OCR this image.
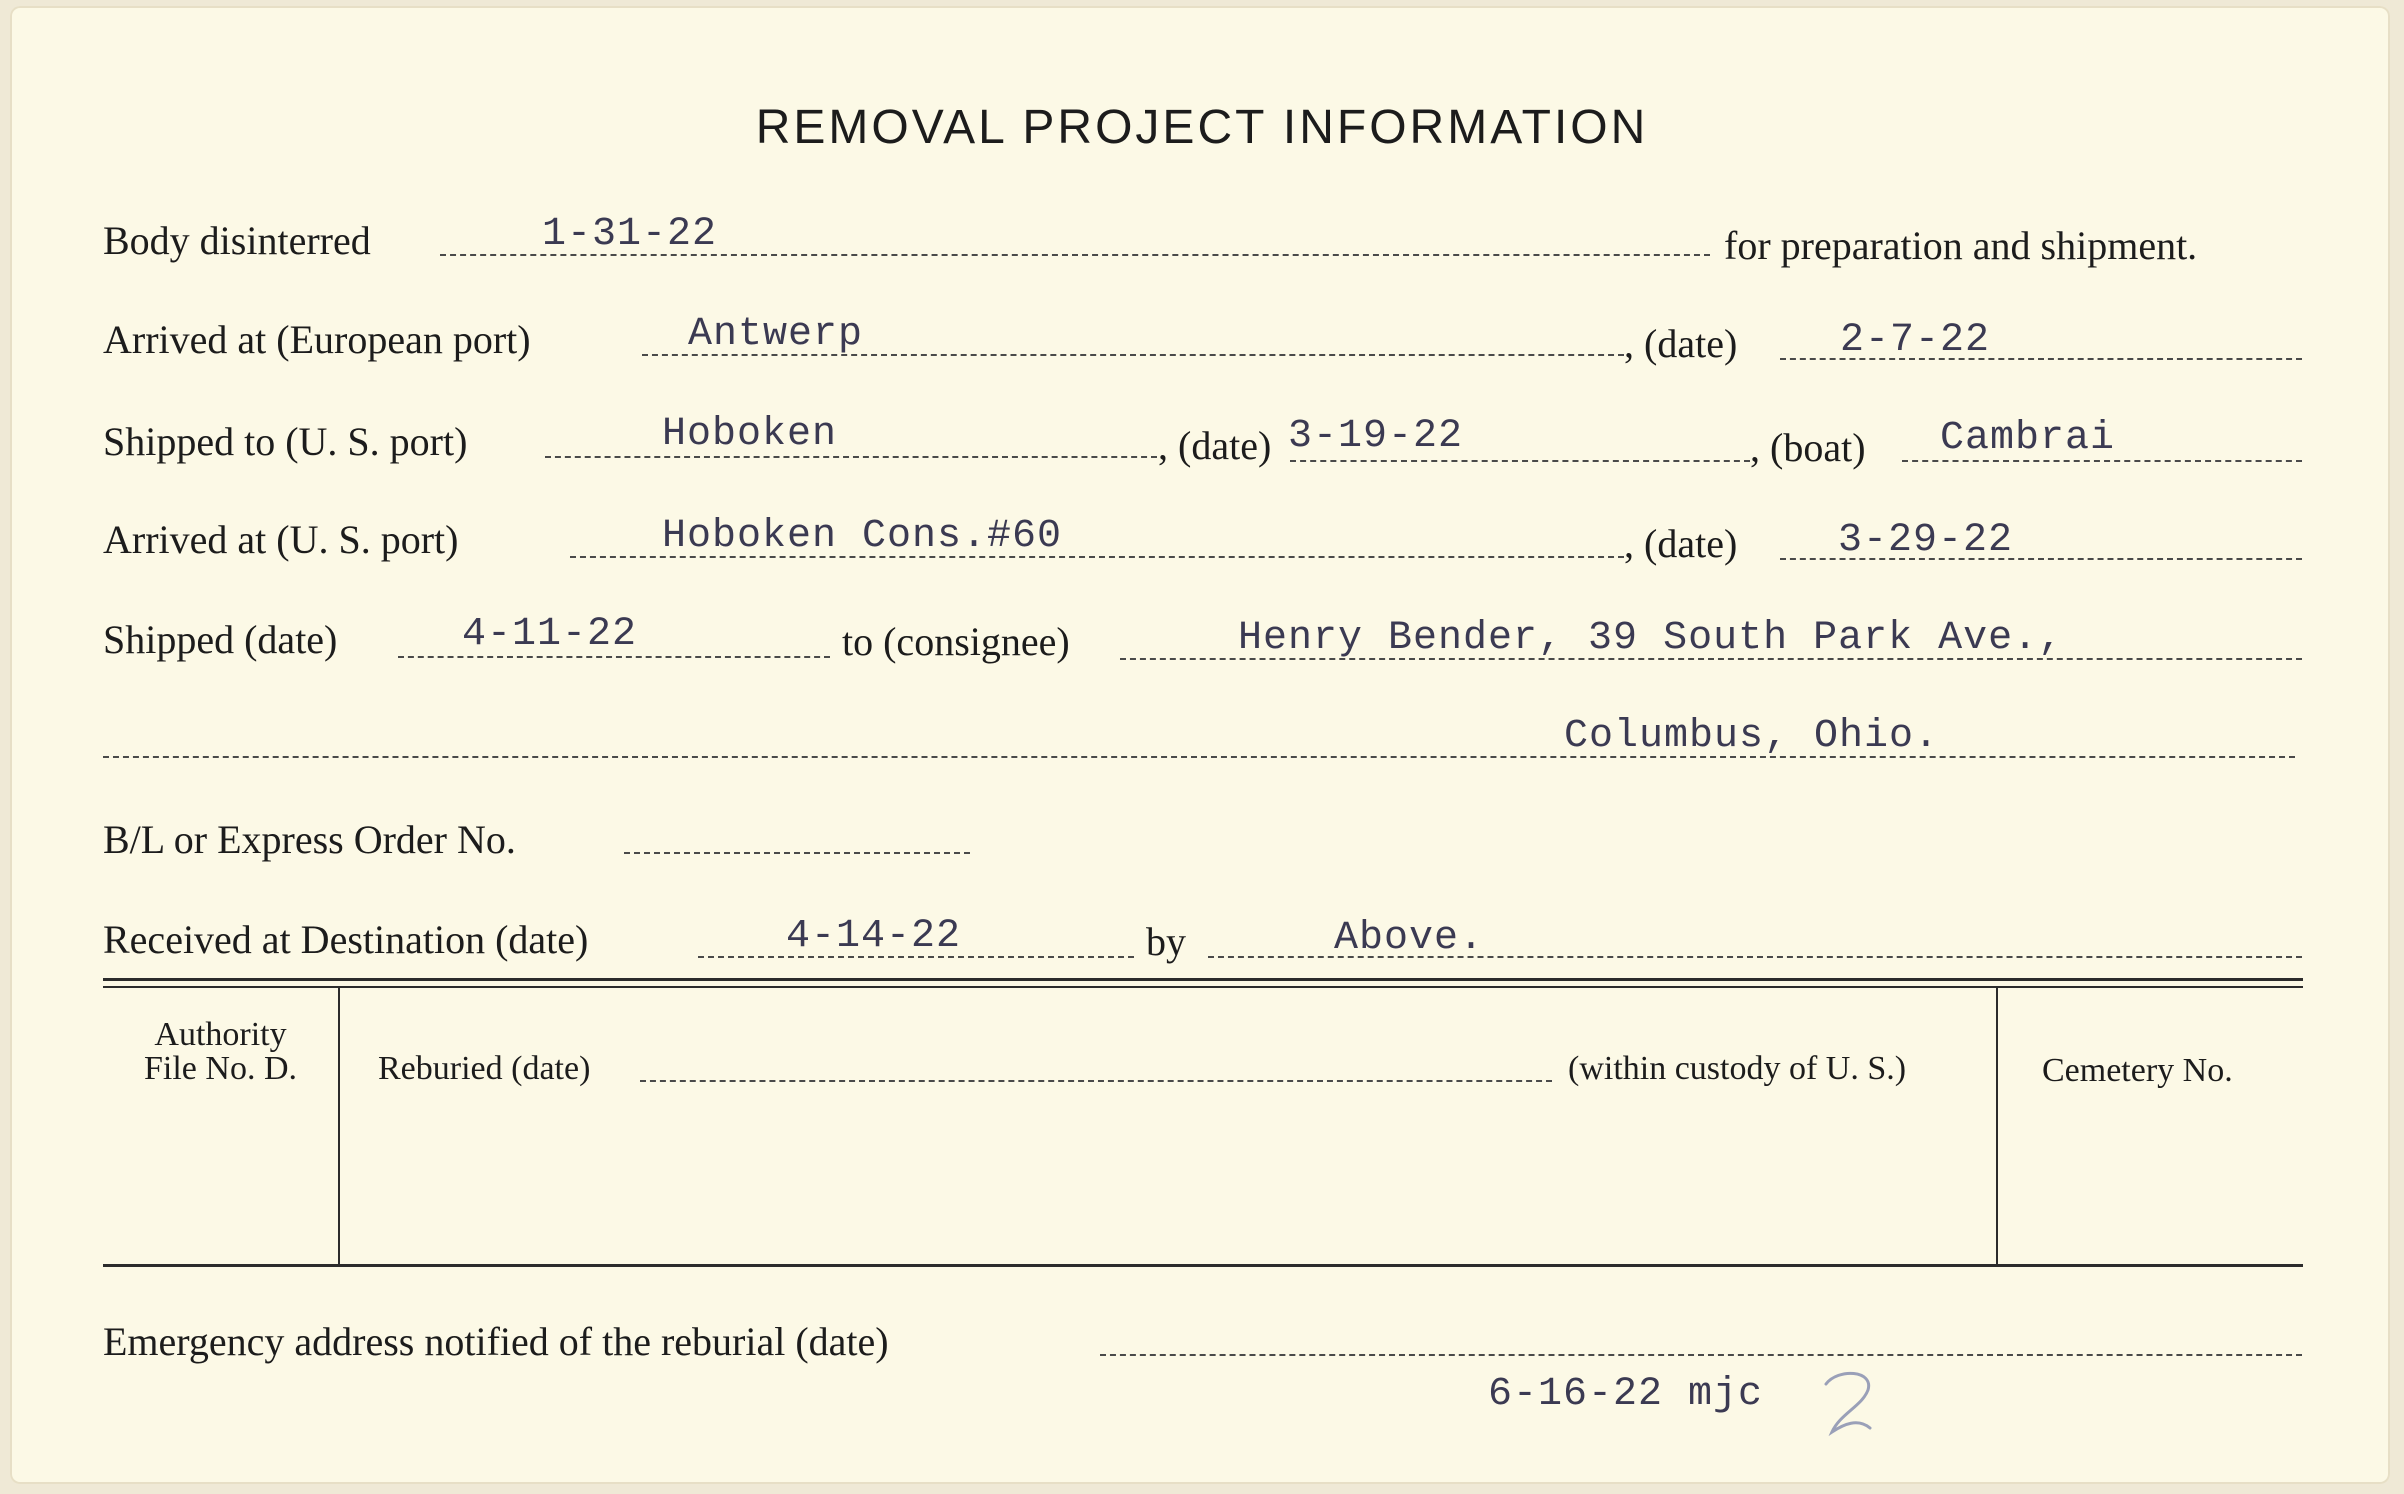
REMOVAL PROJECT INFORMATION
Body disinterred	1-31-22	for preparation and shipment.
Arrived at (European port)	Antwerp	, (date)	2-7-22
Shipped to (U. S. port)	Hoboken	, (date) 3-19-22	, (boat) Cambrai
Arrived at (U. S. port)	Hoboken Cons.#60	, (date)	3-29-22
Shipped (date)	4-11-22	to (consignee)	Henry Bender, 39 South Park Ave.,
Columbus, Ohio.
B/L or Express Order No.
Received at Destination (date)	4-14-22	by	Above.
Authority
File No. D.	Reburied (date)	(within custody of U. S.)	Cemetery No.
Emergency address notified of the reburial (date)
6-16-22 mjc
